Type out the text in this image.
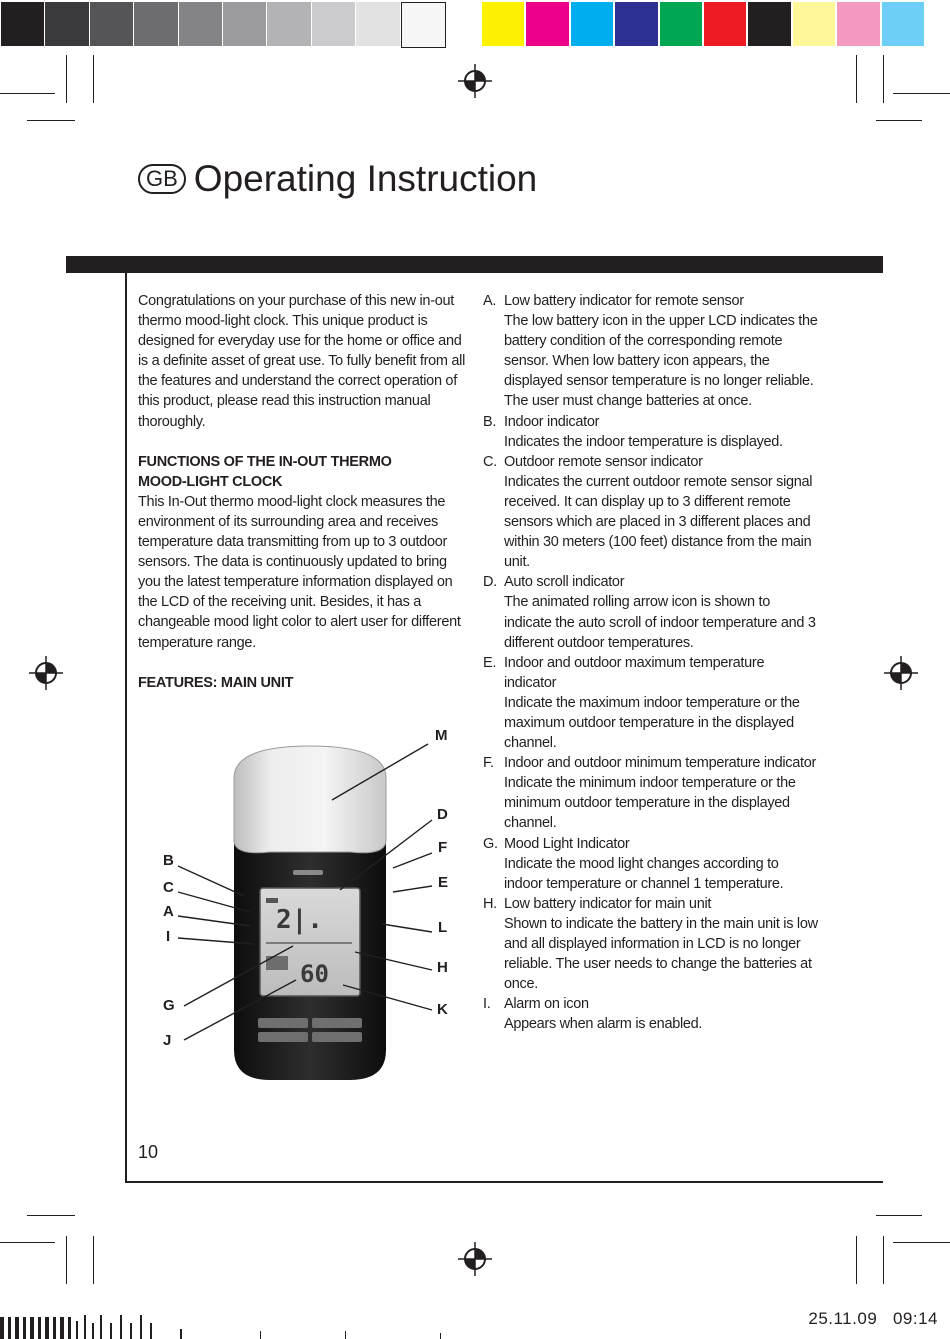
GB Operating Instruction

Congratulations on your purchase of this new in-out thermo mood-light clock. This unique product is designed for everyday use for the home or office and is a definite asset of great use. To fully benefit from all the features and understand the correct operation of this product, please read this instruction manual thoroughly.

FUNCTIONS OF THE IN-OUT THERMO

MOOD-LIGHT CLOCK

This In-Out thermo mood-light clock measures the environment of its surrounding area and receives temperature data transmitting from up to 3 outdoor sensors. The data is continuously updated to bring you the latest temperature information displayed on the LCD of the receiving unit. Besides, it has a changeable mood light color to alert user for different temperature range.

FEATURES: MAIN UNIT

2|.
60
M
D
F
E
L
H
K
B
C
A
I
G
J
A. Low battery indicator for remote sensor
The low battery icon in the upper LCD indicates the battery condition of the corresponding remote sensor. When low battery icon appears, the displayed sensor temperature is no longer reliable. The user must change batteries at once.
B. Indoor indicator
Indicates the indoor temperature is displayed.
C. Outdoor remote sensor indicator
Indicates the current outdoor remote sensor signal received. It can display up to 3 different remote sensors which are placed in 3 different places and within 30 meters (100 feet) distance from the main unit.
D. Auto scroll indicator
The animated rolling arrow icon is shown to indicate the auto scroll of indoor temperature and 3 different outdoor temperatures.
E. Indoor and outdoor maximum temperature indicator
Indicate the maximum indoor temperature or the maximum outdoor temperature in the displayed channel.
F. Indoor and outdoor minimum temperature indicator
Indicate the minimum indoor temperature or the minimum outdoor temperature in the displayed channel.
G. Mood Light Indicator
Indicate the mood light changes according to indoor temperature or channel 1 temperature.
H. Low battery indicator for main unit
Shown to indicate the battery in the main unit is low and all displayed information in LCD is no longer reliable. The user needs to change the batteries at once.
I. Alarm on icon
Appears when alarm is enabled.
10
25.11.09 09:14
